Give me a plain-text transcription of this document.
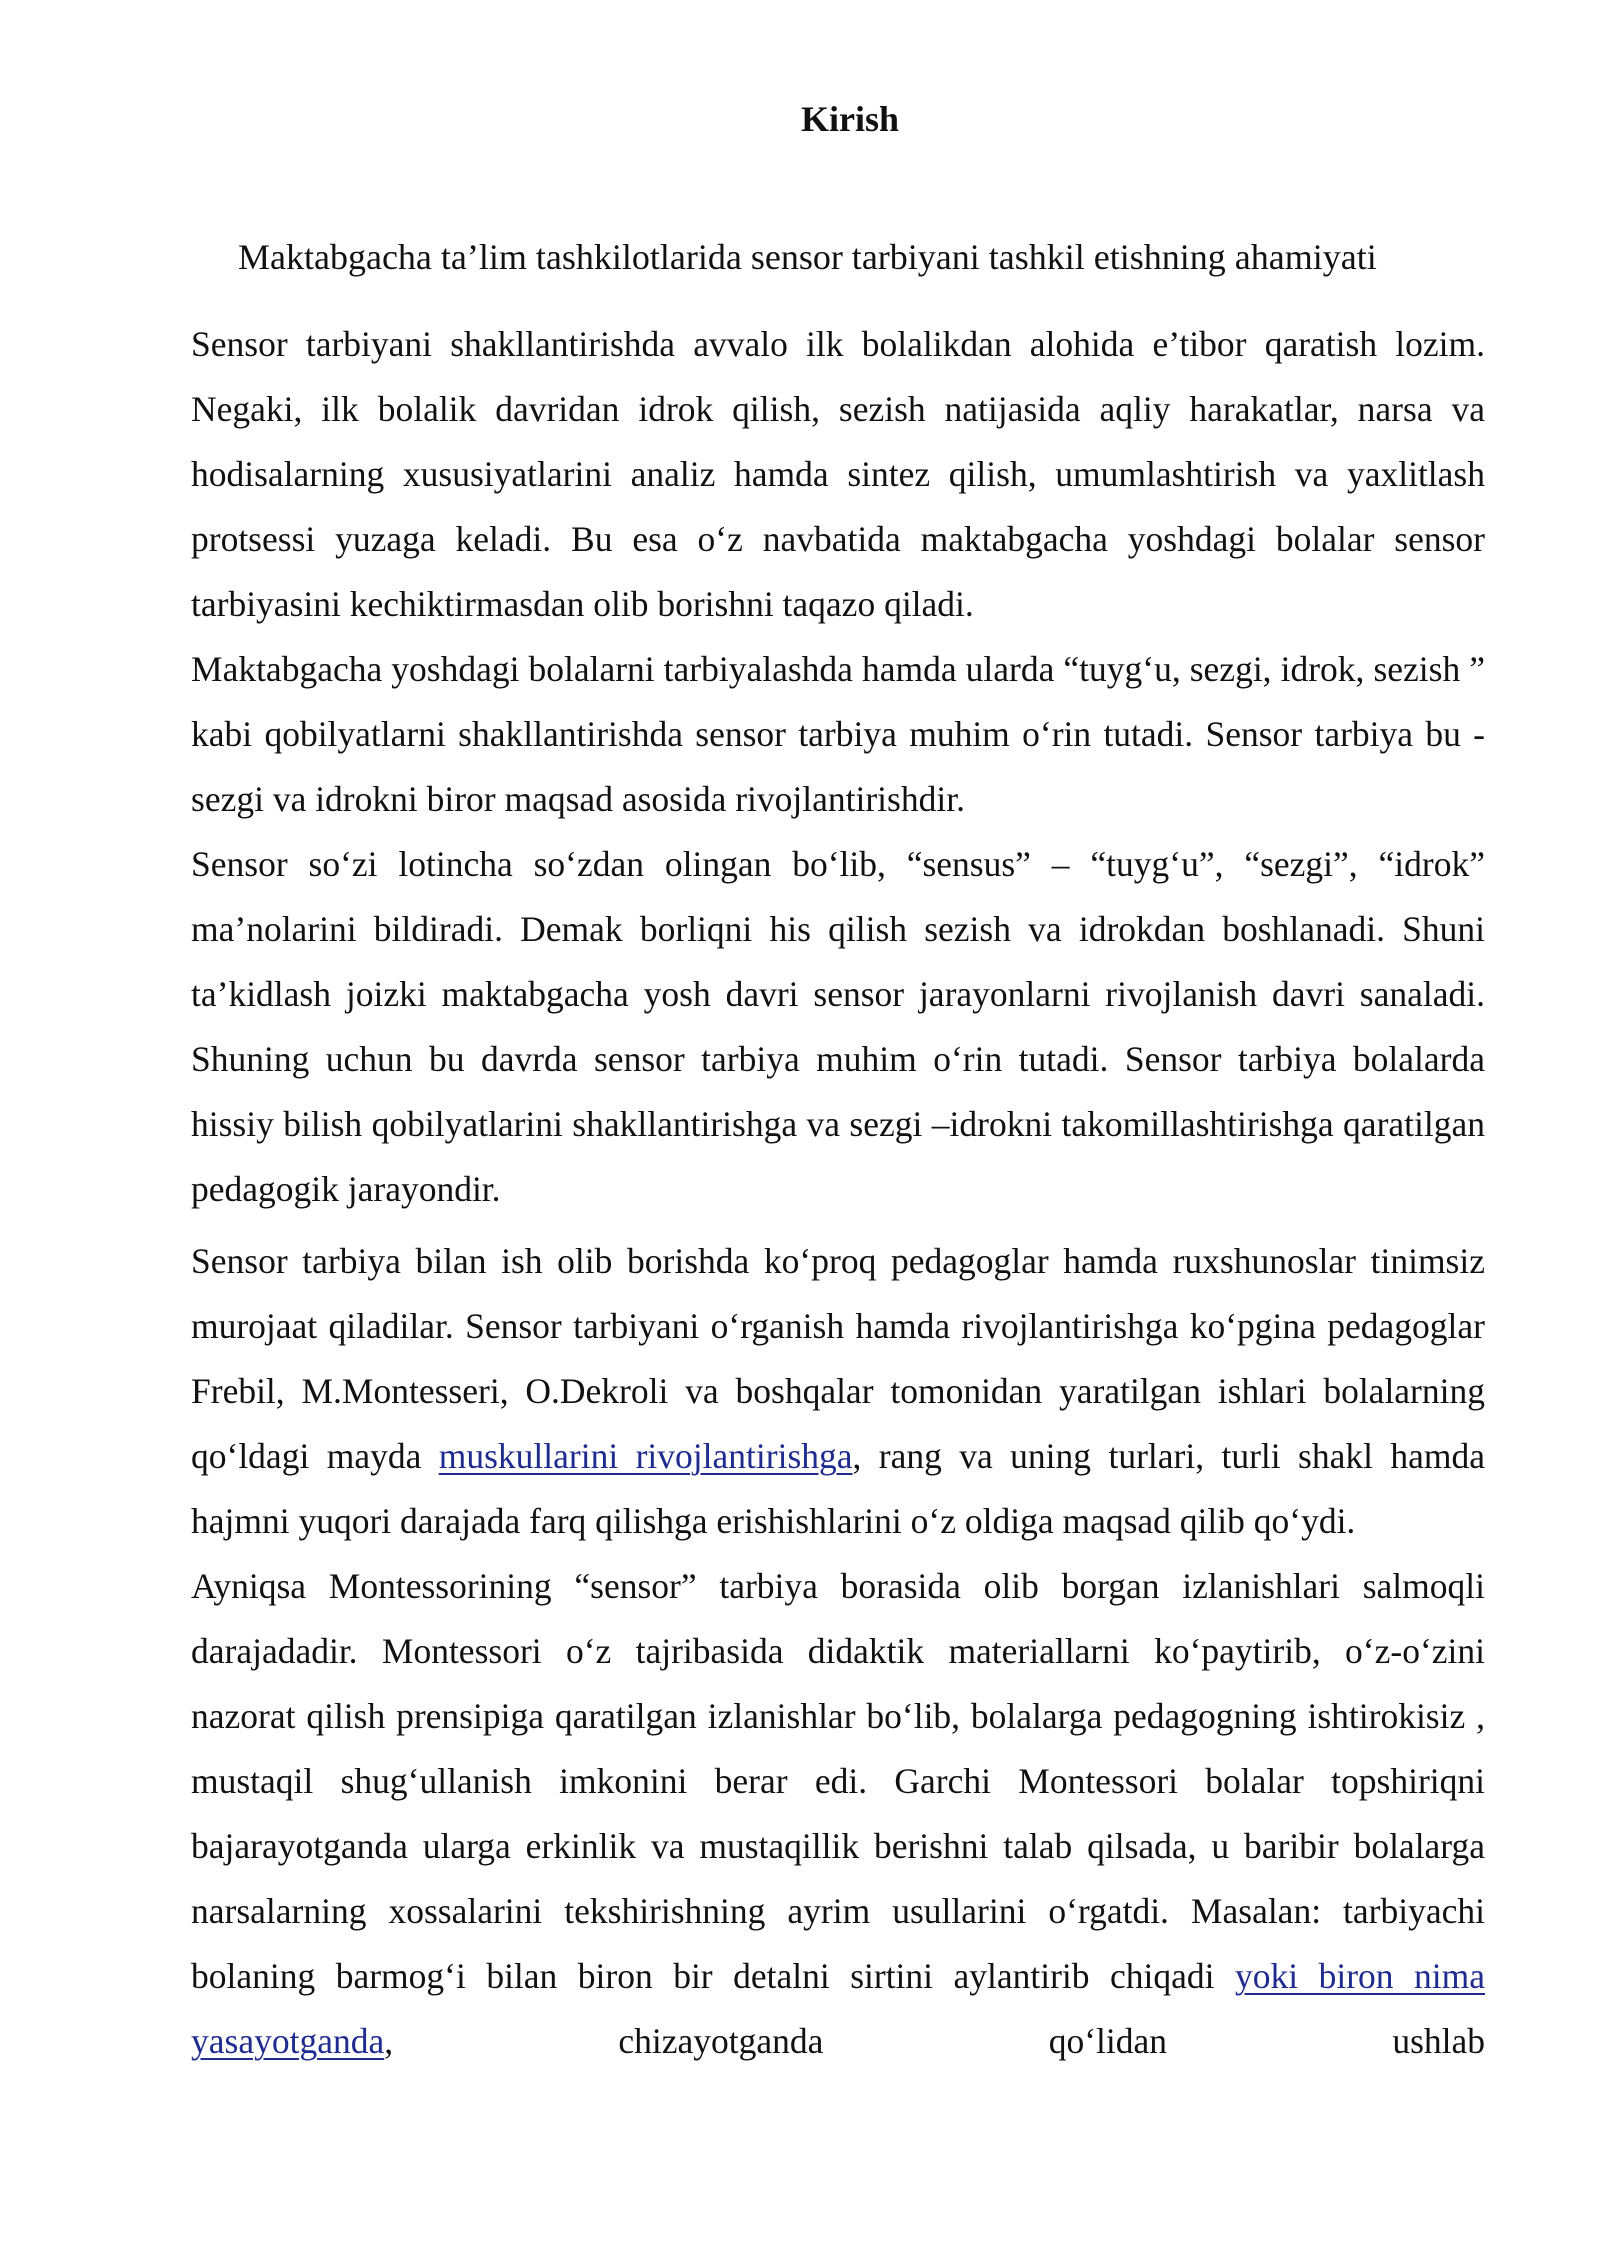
Kirish
Maktabgacha ta’lim tashkilotlarida sensor tarbiyani tashkil etishning ahamiyati

Sensor tarbiyani shakllantirishda avvalo ilk bolalikdan alohida e’tibor qaratish lozim. Negaki, ilk bolalik davridan idrok qilish, sezish natijasida aqliy harakatlar, narsa va hodisalarning xususiyatlarini analiz hamda sintez qilish, umumlashtirish va yaxlitlash protsessi yuzaga keladi. Bu esa o‘z navbatida maktabgacha yoshdagi bolalar sensor tarbiyasini kechiktirmasdan olib borishni taqazo qiladi.

Maktabgacha yoshdagi bolalarni tarbiyalashda hamda ularda “tuyg‘u, sezgi, idrok, sezish ” kabi qobilyatlarni shakllantirishda sensor tarbiya muhim o‘rin tutadi. Sensor tarbiya bu - sezgi va idrokni biror maqsad asosida rivojlantirishdir.

Sensor so‘zi lotincha so‘zdan olingan bo‘lib, “sensus” – “tuyg‘u”, “sezgi”, “idrok” ma’nolarini bildiradi. Demak borliqni his qilish sezish va idrokdan boshlanadi. Shuni ta’kidlash joizki maktabgacha yosh davri sensor jarayonlarni rivojlanish davri sanaladi. Shuning uchun bu davrda sensor tarbiya muhim o‘rin tutadi. Sensor tarbiya bolalarda hissiy bilish qobilyatlarini shakllantirishga va sezgi –idrokni takomillashtirishga qaratilgan pedagogik jarayondir.

Sensor tarbiya bilan ish olib borishda ko‘proq pedagoglar hamda ruxshunoslar tinimsiz murojaat qiladilar. Sensor tarbiyani o‘rganish hamda rivojlantirishga ko‘pgina pedagoglar Frebil, M.Montesseri, O.Dekroli va boshqalar tomonidan yaratilgan ishlari bolalarning qo‘ldagi mayda muskullarini rivojlantirishga, rang va uning turlari, turli shakl hamda hajmni yuqori darajada farq qilishga erishishlarini o‘z oldiga maqsad qilib qo‘ydi.

Ayniqsa Montessorining “sensor” tarbiya borasida olib borgan izlanishlari salmoqli darajadadir. Montessori o‘z tajribasida didaktik materiallarni ko‘paytirib, o‘z-o‘zini nazorat qilish prensipiga qaratilgan izlanishlar bo‘lib, bolalarga pedagogning ishtirokisiz , mustaqil shug‘ullanish imkonini berar edi. Garchi Montessori bolalar topshiriqni bajarayotganda ularga erkinlik va mustaqillik berishni talab qilsada, u baribir bolalarga narsalarning xossalarini tekshirishning ayrim usullarini o‘rgatdi. Masalan: tarbiyachi bolaning barmog‘i bilan biron bir detalni sirtini aylantirib chiqadi yoki biron nima yasayotganda, chizayotganda qo‘lidan ushlab
